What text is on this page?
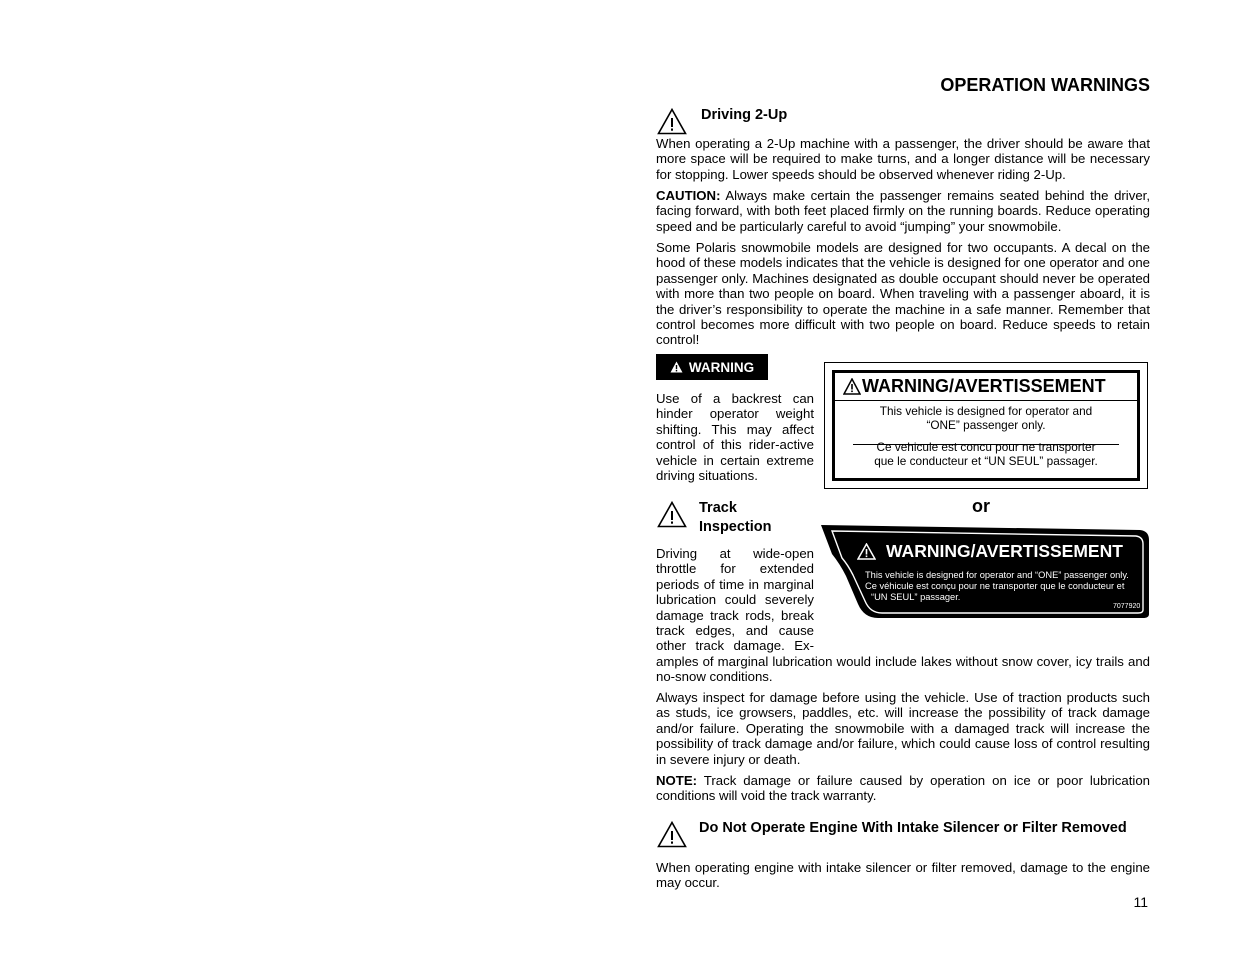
OPERATION WARNINGS
Driving 2-Up
When operating a 2-Up machine with a passenger, the driver should be aware that more space will be required to make turns, and a longer distance will be necessary for stopping. Lower speeds should be observed whenever riding 2-Up.
CAUTION: Always make certain the passenger remains seated behind the driver, facing forward, with both feet placed firmly on the running boards. Reduce operating speed and be particularly careful to avoid “jumping” your snowmobile.
Some Polaris snowmobile models are designed for two occupants. A decal on the hood of these models indicates that the vehicle is designed for one operator and one passenger only. Machines designated as double occupant should never be operated with more than two people on board. When traveling with a passenger aboard, it is the driver’s responsibility to operate the machine in a safe manner. Remember that control becomes more difficult with two people on board. Reduce speeds to retain control!
WARNING
Use of a backrest can hinder operator weight shifting. This may affect control of this rider-active vehicle in certain extreme driving situations.
WARNING/AVERTISSEMENT
This vehicle is designed for operator and
“ONE” passenger only.
Ce vehicule est concu pour ne transporter
que le conducteur et “UN SEUL” passager.
or
WARNING/AVERTISSEMENT
This vehicle is designed for operator and “ONE” passenger only.
Ce véhicule est conçu pour ne transporter que le conducteur et
“UN SEUL” passager.
7077920
Track
Inspection
Driving at wide-open throttle for extended periods of time in marginal lubrication could severely damage track rods, break track edges, and cause other track damage. Ex-
amples of marginal lubrication would include lakes without snow cover, icy trails and no-snow conditions.
Always inspect for damage before using the vehicle. Use of traction products such as studs, ice growsers, paddles, etc. will increase the possibility of track damage and/or failure. Operating the snowmobile with a damaged track will increase the possibility of track damage and/or failure, which could cause loss of control resulting in severe injury or death.
NOTE: Track damage or failure caused by operation on ice or poor lubrication conditions will void the track warranty.
Do Not Operate Engine With Intake Silencer or Filter Removed
When operating engine with intake silencer or filter removed, damage to the engine may occur.
11
